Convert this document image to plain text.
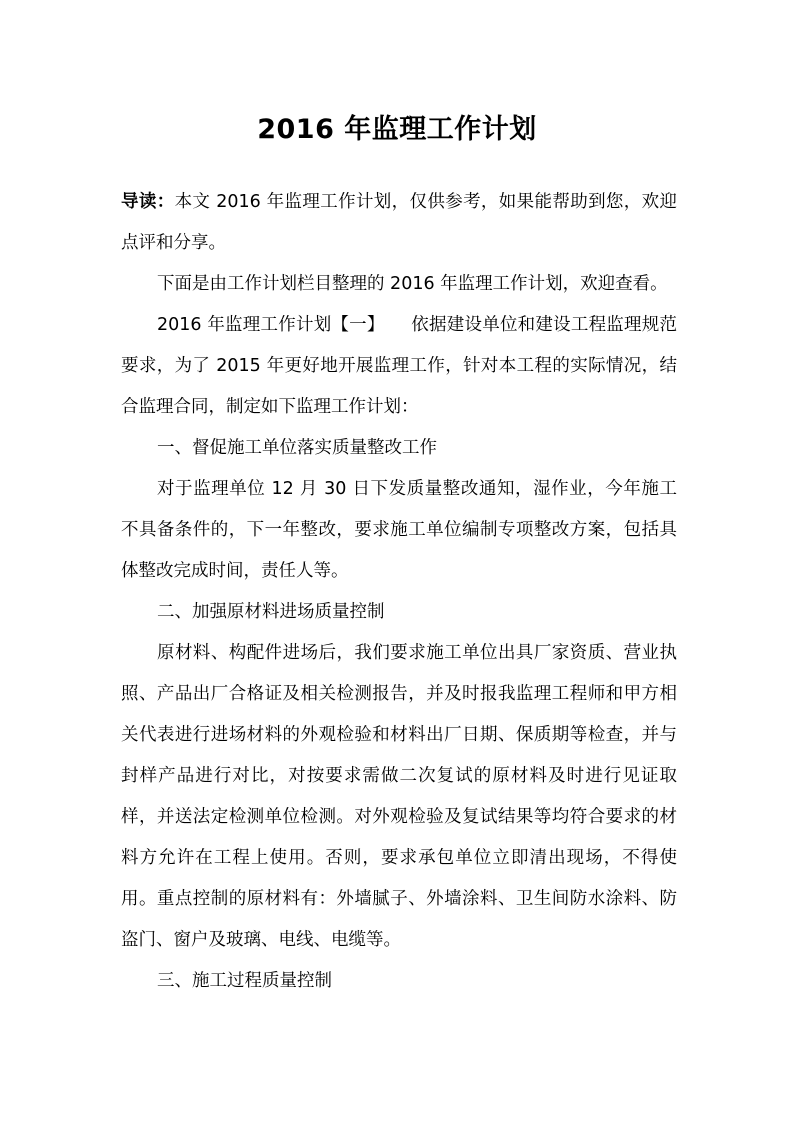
2016 年监理工作计划

导读：本文 2016 年监理工作计划，仅供参考，如果能帮助到您，欢迎点评和分享。

下面是由工作计划栏目整理的 2016 年监理工作计划，欢迎查看。

2016 年监理工作计划【一】　　依据建设单位和建设工程监理规范要求，为了 2015 年更好地开展监理工作，针对本工程的实际情况，结合监理合同，制定如下监理工作计划：

一、督促施工单位落实质量整改工作

对于监理单位 12 月 30 日下发质量整改通知，湿作业，今年施工不具备条件的，下一年整改，要求施工单位编制专项整改方案，包括具体整改完成时间，责任人等。

二、加强原材料进场质量控制

原材料、构配件进场后，我们要求施工单位出具厂家资质、营业执照、产品出厂合格证及相关检测报告，并及时报我监理工程师和甲方相关代表进行进场材料的外观检验和材料出厂日期、保质期等检查，并与封样产品进行对比，对按要求需做二次复试的原材料及时进行见证取样，并送法定检测单位检测。对外观检验及复试结果等均符合要求的材料方允许在工程上使用。否则，要求承包单位立即清出现场，不得使用。重点控制的原材料有：外墙腻子、外墙涂料、卫生间防水涂料、防盗门、窗户及玻璃、电线、电缆等。

三、施工过程质量控制
